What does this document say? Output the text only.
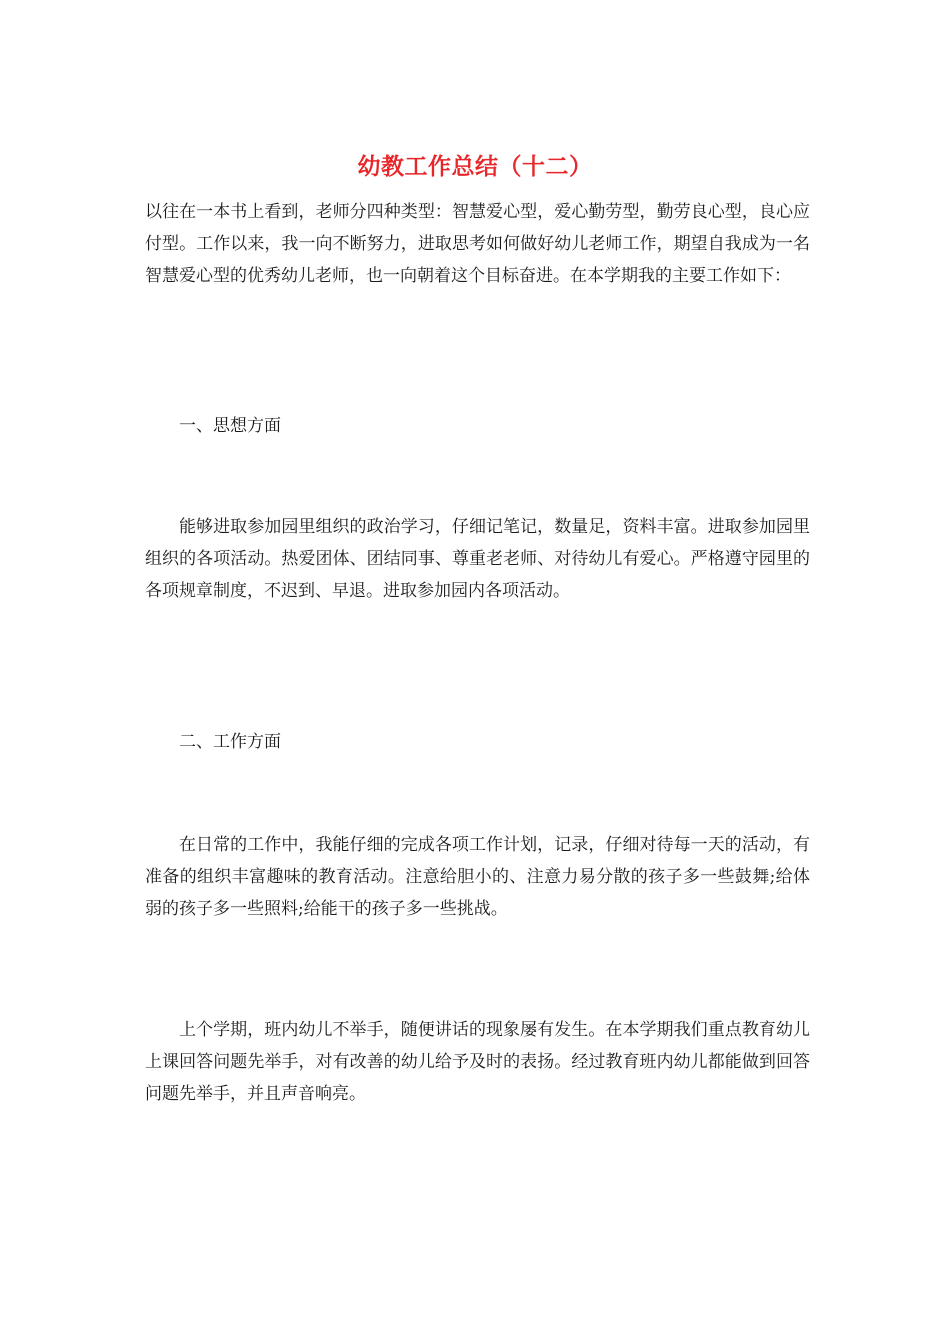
幼教工作总结（十二）

以往在一本书上看到，老师分四种类型：智慧爱心型，爱心勤劳型，勤劳良心型，良心应付型。工作以来，我一向不断努力，进取思考如何做好幼儿老师工作，期望自我成为一名智慧爱心型的优秀幼儿老师，也一向朝着这个目标奋进。在本学期我的主要工作如下：

一、思想方面

能够进取参加园里组织的政治学习，仔细记笔记，数量足，资料丰富。进取参加园里组织的各项活动。热爱团体、团结同事、尊重老老师、对待幼儿有爱心。严格遵守园里的各项规章制度，不迟到、早退。进取参加园内各项活动。

二、工作方面

在日常的工作中，我能仔细的完成各项工作计划，记录，仔细对待每一天的活动，有准备的组织丰富趣味的教育活动。注意给胆小的、注意力易分散的孩子多一些鼓舞;给体弱的孩子多一些照料;给能干的孩子多一些挑战。

上个学期，班内幼儿不举手，随便讲话的现象屡有发生。在本学期我们重点教育幼儿上课回答问题先举手，对有改善的幼儿给予及时的表扬。经过教育班内幼儿都能做到回答问题先举手，并且声音响亮。
